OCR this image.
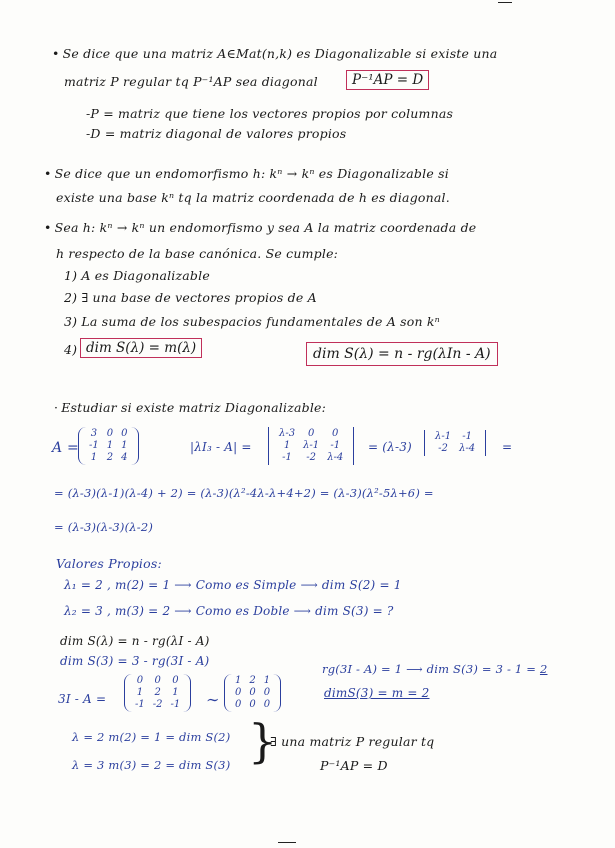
• Se dice que una matriz A∈Mat(n,k) es Diagonalizable si existe una
matriz P regular tq P⁻¹AP sea diagonal	P⁻¹AP = D
-P = matriz que tiene los vectores propios por columnas
-D = matriz diagonal de valores propios
• Se dice que un endomorfismo h: kⁿ → kⁿ es Diagonalizable si
existe una base kⁿ tq la matriz coordenada de h es diagonal.
• Sea h: kⁿ → kⁿ un endomorfismo y sea A la matriz coordenada de
h respecto de la base canónica. Se cumple:
1) A es Diagonalizable
2) ∃ una base de vectores propios de A
3) La suma de los subespacios fundamentales de A son kⁿ
4) dim S(λ) = m(λ)	dim S(λ) = n - rg(λIn - A)
· Estudiar si existe matriz Diagonalizable:
A =
3	0	0
-1	1	1
1	2	4
|λI₃ - A| =
λ-3	0	0
1	λ-1	-1
-1	-2	λ-4
= (λ-3)
λ-1	-1
-2	λ-4 =
= (λ-3)(λ-1)(λ-4) + 2) = (λ-3)(λ²-4λ-λ+4+2) = (λ-3)(λ²-5λ+6) =
= (λ-3)(λ-3)(λ-2)
Valores Propios:
λ₁ = 2 , m(2) = 1 ⟶ Como es Simple ⟶ dim S(2) = 1
λ₂ = 3 , m(3) = 2 ⟶ Como es Doble ⟶ dim S(3) = ?
dim S(λ) = n - rg(λI - A)
dim S(3) = 3 - rg(3I - A)
rg(3I - A) = 1 ⟶ dim S(3) = 3 - 1 = 2
3I - A =
0	0	0
1	2	1
-1	-2	-1 ∼
1	2	1
0	0	0
0	0	0
dimS(3) = m = 2
λ = 2 m(2) = 1 = dim S(2)
λ = 3 m(3) = 2 = dim S(3) }
∃ una matriz P regular tq
P⁻¹AP = D
